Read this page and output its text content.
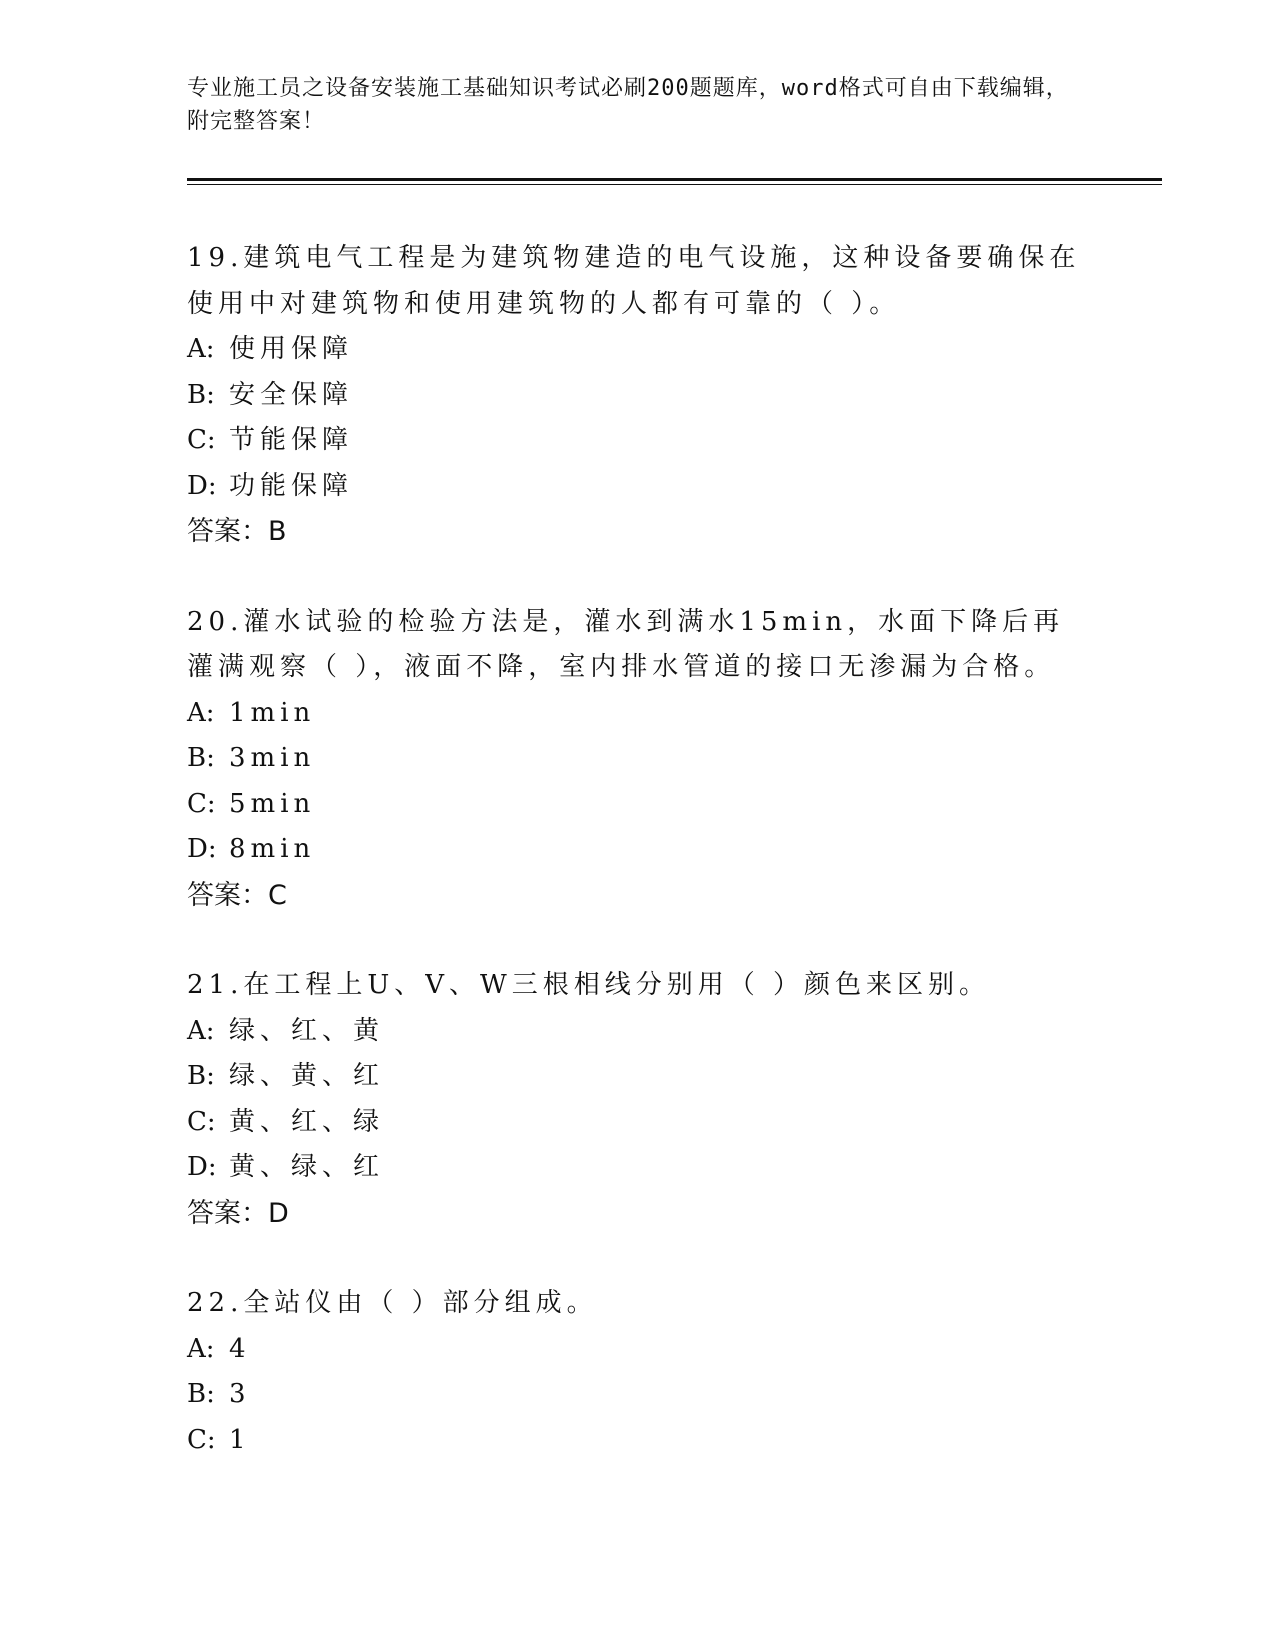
专业施工员之设备安装施工基础知识考试必刷200题题库，word格式可自由下载编辑，附完整答案！

19.建筑电气工程是为建筑物建造的电气设施，这种设备要确保在使用中对建筑物和使用建筑物的人都有可靠的（ ）。

A: 使用保障

B: 安全保障

C: 节能保障

D: 功能保障

答案：B

20.灌水试验的检验方法是，灌水到满水15min，水面下降后再灌满观察（ ），液面不降，室内排水管道的接口无渗漏为合格。

A: 1min

B: 3min

C: 5min

D: 8min

答案：C

21.在工程上U、V、W三根相线分别用（ ）颜色来区别。

A: 绿、红、黄

B: 绿、黄、红

C: 黄、红、绿

D: 黄、绿、红

答案：D

22.全站仪由（ ）部分组成。

A: 4

B: 3

C: 1
